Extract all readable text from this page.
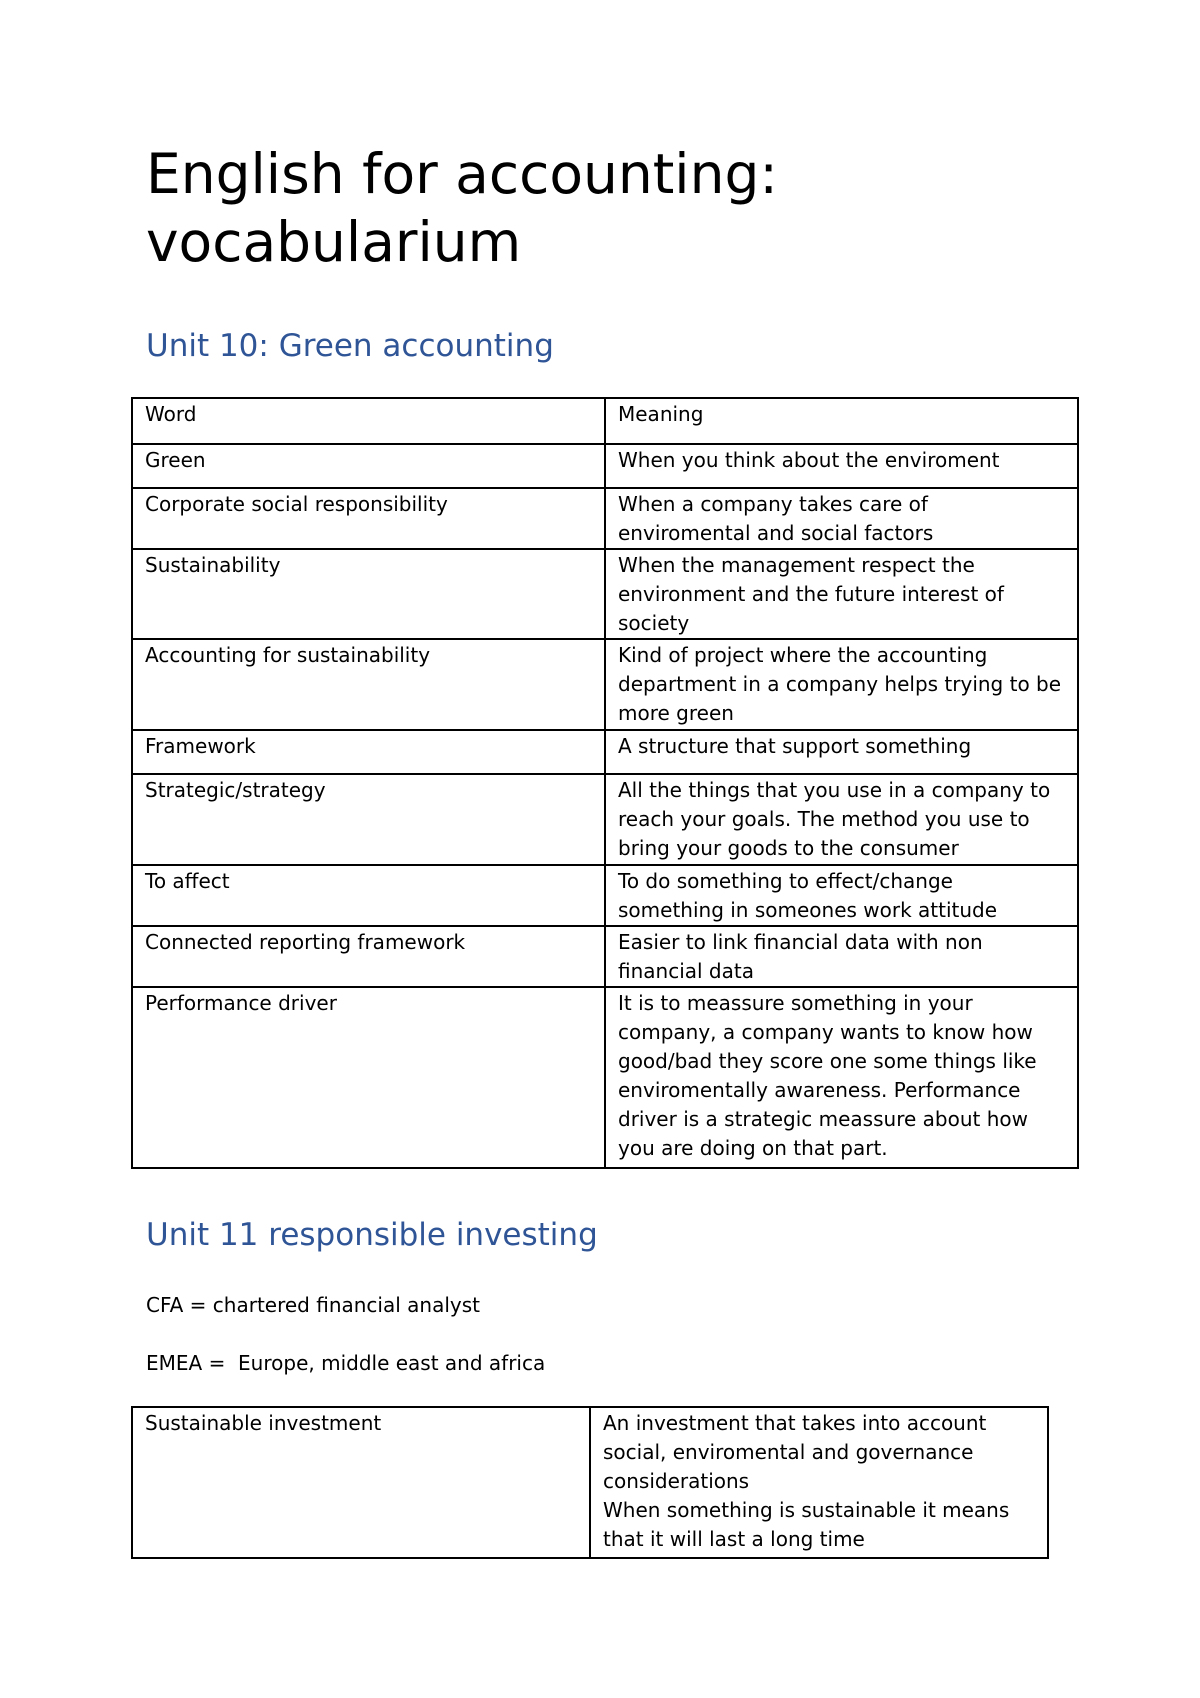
English for accounting:
vocabularium
Unit 10: Green accounting
Word	Meaning
Green	When you think about the enviroment
Corporate social responsibility	When a company takes care of enviromental and social factors
Sustainability	When the management respect the environment and the future interest of society
Accounting for sustainability	Kind of project where the accounting department in a company helps trying to be more green
Framework	A structure that support something
Strategic/strategy	All the things that you use in a company to reach your goals. The method you use to bring your goods to the consumer
To affect	To do something to effect/change something in someones work attitude
Connected reporting framework	Easier to link financial data with non financial data
Performance driver	It is to meassure something in your company, a company wants to know how good/bad they score one some things like enviromentally awareness. Performance driver is a strategic meassure about how you are doing on that part.
Unit 11 responsible investing

CFA = chartered financial analyst

EMEA =  Europe, middle east and africa

Sustainable investment	An investment that takes into account social, enviromental and governance considerations
When something is sustainable it means that it will last a long time
